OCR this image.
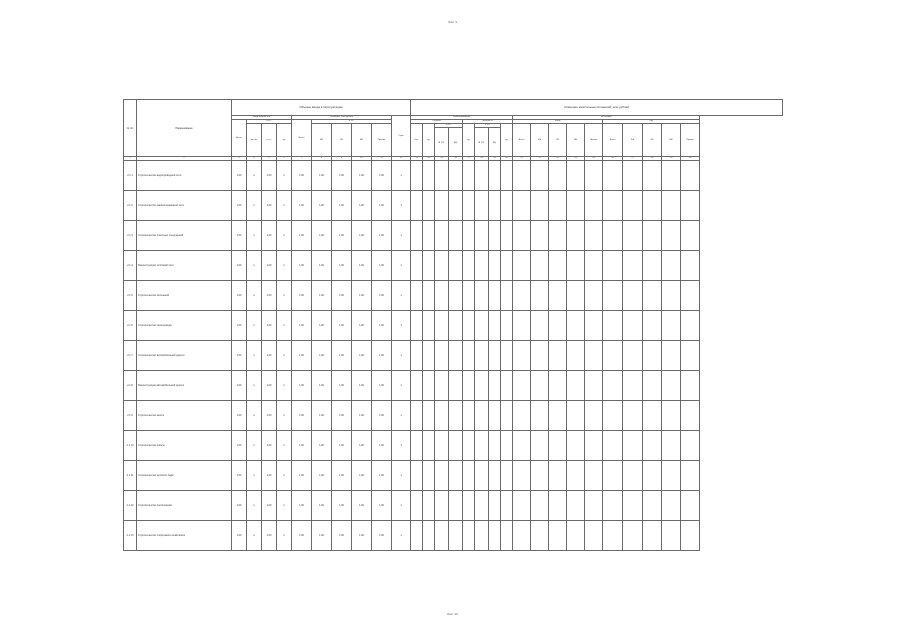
Лист 9
№ п/п	Наименование	Объемы ввода в эксплуатацию										Освоение капитальных вложений, млн рублей																	
		Ввод мощностей				Освоение, млн рублей					Срок	Финансирование								Источники									
		Всего	в т.ч.			Всего	в т.ч.					Объемы				Мощность				Фонд					Год				
			из них	в т.ч.	ед.		ФБ	РБ	ВБ	Прочие		Кол.	ед.	в т.ч.		ед.	в т.ч.		ед.	Всего	ФБ	РБ	ВБ	Прочие	Всего	ФБ	РБ	ВБ	Прочие
														в т.ч.	ед.		в т.ч.	ед.											
1	2	3	4	5	6	7	8	9	10	11	12	13	14	15	16	17	18	19	20	21	22	23	24	25	26	27	28	29	30
2.1.1	Строительство водопроводной сети	1,00	1	1,00	1	1,00	1,00	1,00	1,00	1,00	1																		
2.1.2	Строительство канализационной сети	1,00	1	1,00	1	1,00	1,00	1,00	1,00	1,00	1																		
2.1.3	Строительство очистных сооружений	1,00	1	1,00	1	1,00	1,00	1,00	1,00	1,00	1																		
2.1.4	Реконструкция тепловой сети	1,00	1	1,00	1	1,00	1,00	1,00	1,00	1,00	1																		
2.1.5	Строительство котельной	1,00	1	1,00	1	1,00	1,00	1,00	1,00	1,00	1																		
2.1.6	Строительство газопровода	1,00	1	1,00	1	1,00	1,00	1,00	1,00	1,00	1																		
2.1.7	Строительство автомобильной дороги	1,00	1	1,00	1	1,00	1,00	1,00	1,00	1,00	1																		
2.1.8	Реконструкция автомобильной дороги	1,00	1	1,00	1	1,00	1,00	1,00	1,00	1,00	1																		
2.1.9	Строительство моста	1,00	1	1,00	1	1,00	1,00	1,00	1,00	1,00	1																		
2.1.10	Строительство школы	1,00	1	1,00	1	1,00	1,00	1,00	1,00	1,00	1																		
2.1.11	Строительство детского сада	1,00	1	1,00	1	1,00	1,00	1,00	1,00	1,00	1																		
2.1.12	Строительство поликлиники	1,00	1	1,00	1	1,00	1,00	1,00	1,00	1,00	1																		
2.1.13	Строительство спортивного комплекса	1,00	1	1,00	1	1,00	1,00	1,00	1,00	1,00	1																		
Лист 10
